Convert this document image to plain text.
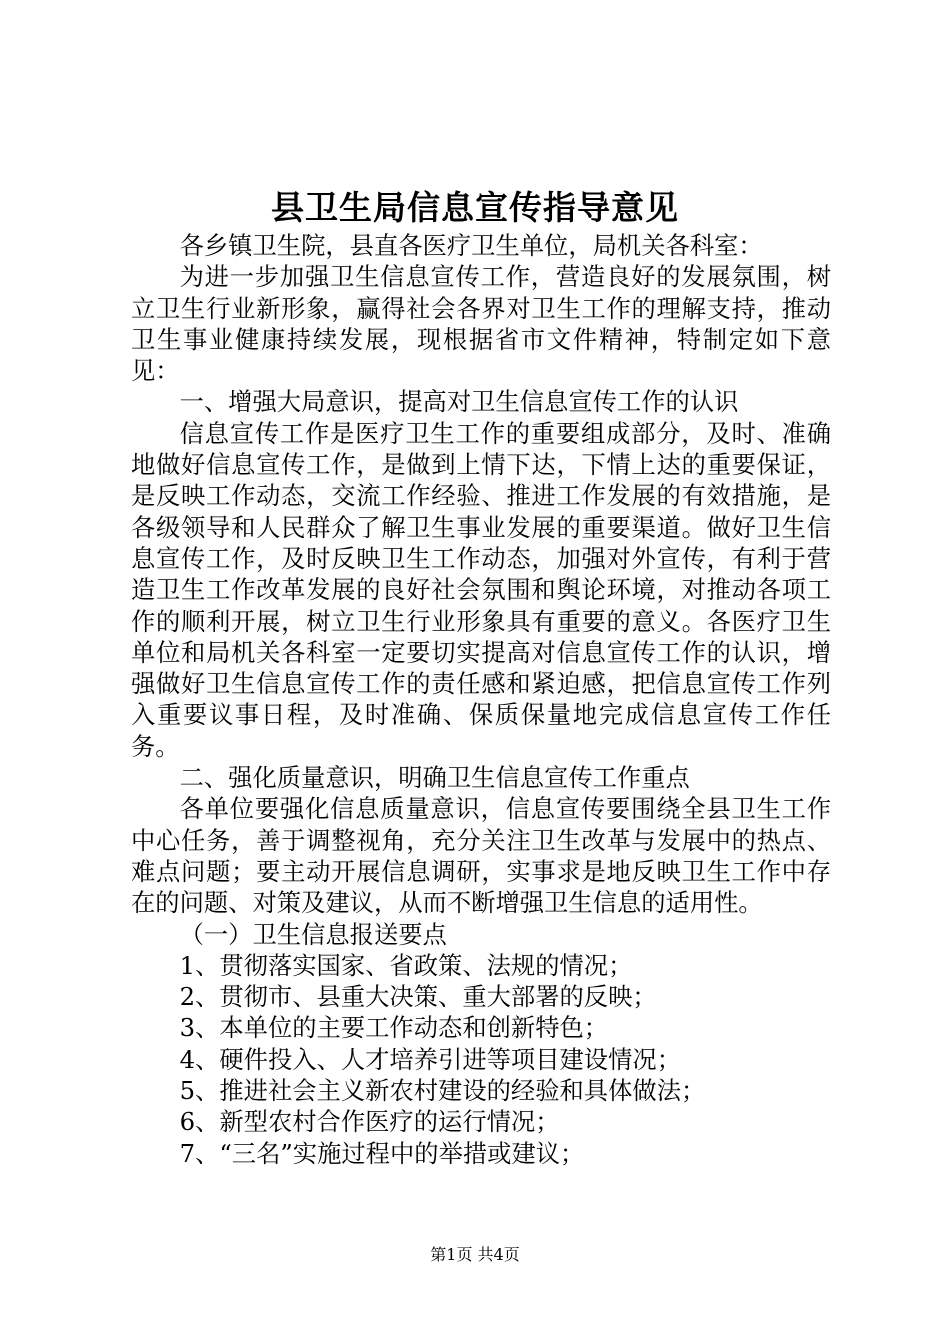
县卫生局信息宣传指导意见

各乡镇卫生院，县直各医疗卫生单位，局机关各科室：

为进一步加强卫生信息宣传工作，营造良好的发展氛围，树立卫生行业新形象，赢得社会各界对卫生工作的理解支持，推动卫生事业健康持续发展，现根据省市文件精神，特制定如下意见：

一、增强大局意识，提高对卫生信息宣传工作的认识

信息宣传工作是医疗卫生工作的重要组成部分，及时、准确地做好信息宣传工作，是做到上情下达，下情上达的重要保证，是反映工作动态，交流工作经验、推进工作发展的有效措施，是各级领导和人民群众了解卫生事业发展的重要渠道。做好卫生信息宣传工作，及时反映卫生工作动态，加强对外宣传，有利于营造卫生工作改革发展的良好社会氛围和舆论环境，对推动各项工作的顺利开展，树立卫生行业形象具有重要的意义。各医疗卫生单位和局机关各科室一定要切实提高对信息宣传工作的认识，增强做好卫生信息宣传工作的责任感和紧迫感，把信息宣传工作列入重要议事日程，及时准确、保质保量地完成信息宣传工作任务。

二、强化质量意识，明确卫生信息宣传工作重点

各单位要强化信息质量意识，信息宣传要围绕全县卫生工作中心任务，善于调整视角，充分关注卫生改革与发展中的热点、难点问题；要主动开展信息调研，实事求是地反映卫生工作中存在的问题、对策及建议，从而不断增强卫生信息的适用性。

（一）卫生信息报送要点

1、贯彻落实国家、省政策、法规的情况；

2、贯彻市、县重大决策、重大部署的反映；

3、本单位的主要工作动态和创新特色；

4、硬件投入、人才培养引进等项目建设情况；

5、推进社会主义新农村建设的经验和具体做法；

6、新型农村合作医疗的运行情况；

7、“三名”实施过程中的举措或建议；

第1页 共4页
